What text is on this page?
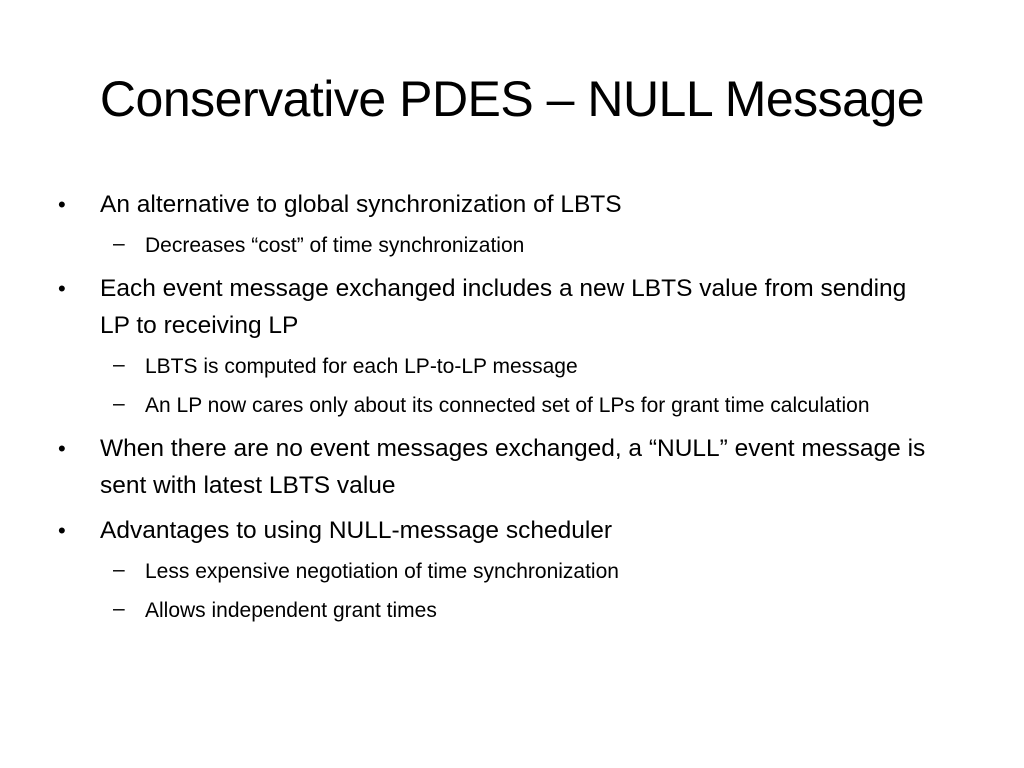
Conservative PDES – NULL Message
•	An alternative to global synchronization of LBTS
– Decreases “cost” of time synchronization
•	Each event message exchanged includes a new LBTS value from sending LP to receiving LP
– LBTS is computed for each LP-to-LP message
– An LP now cares only about its connected set of LPs for grant time calculation
•	When there are no event messages exchanged, a “NULL” event message is sent with latest LBTS value
•	Advantages to using NULL-message scheduler
– Less expensive negotiation of time synchronization
– Allows independent grant times
